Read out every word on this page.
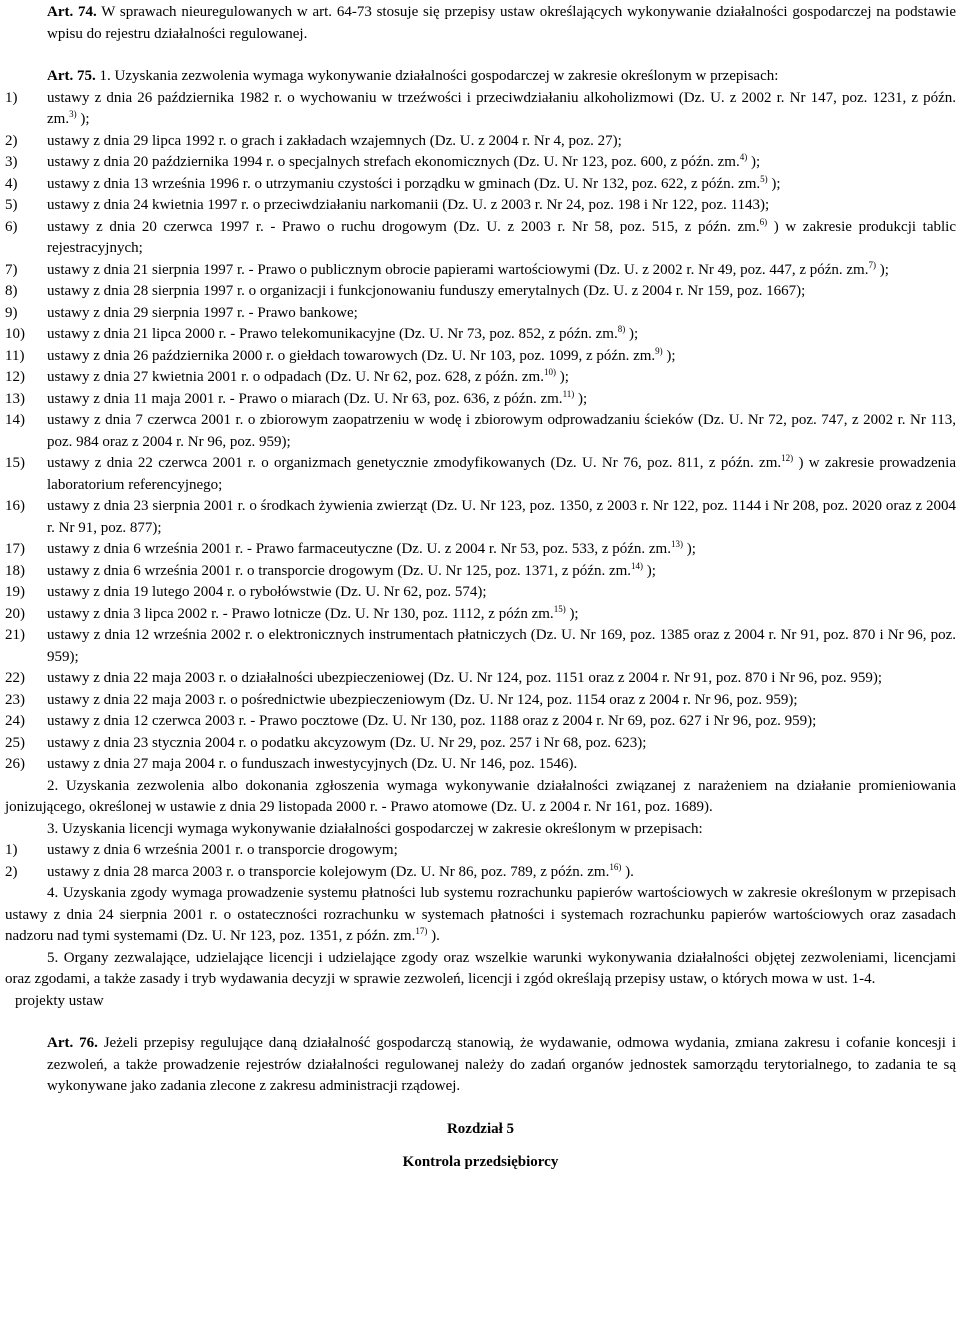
Art. 74. W sprawach nieuregulowanych w art. 64-73 stosuje się przepisy ustaw określających wykonywanie działalności gospodarczej na podstawie wpisu do rejestru działalności regulowanej.

Art. 75. 1. Uzyskania zezwolenia wymaga wykonywanie działalności gospodarczej w zakresie określonym w przepisach:

1)	ustawy z dnia 26 października 1982 r. o wychowaniu w trzeźwości i przeciwdziałaniu alkoholizmowi (Dz. U. z 2002 r. Nr 147, poz. 1231, z późn. zm.$^{3)}$ );
2)	ustawy z dnia 29 lipca 1992 r. o grach i zakładach wzajemnych (Dz. U. z 2004 r. Nr 4, poz. 27);
3)	ustawy z dnia 20 października 1994 r. o specjalnych strefach ekonomicznych (Dz. U. Nr 123, poz. 600, z późn. zm.$^{4)}$ );
4)	ustawy z dnia 13 września 1996 r. o utrzymaniu czystości i porządku w gminach (Dz. U. Nr 132, poz. 622, z późn. zm.$^{5)}$ );
5)	ustawy z dnia 24 kwietnia 1997 r. o przeciwdziałaniu narkomanii (Dz. U. z 2003 r. Nr 24, poz. 198 i Nr 122, poz. 1143);
6)	ustawy z dnia 20 czerwca 1997 r. - Prawo o ruchu drogowym (Dz. U. z 2003 r. Nr 58, poz. 515, z późn. zm.$^{6)}$ ) w zakresie produkcji tablic rejestracyjnych;
7)	ustawy z dnia 21 sierpnia 1997 r. - Prawo o publicznym obrocie papierami wartościowymi (Dz. U. z 2002 r. Nr 49, poz. 447, z późn. zm.$^{7)}$ );
8)	ustawy z dnia 28 sierpnia 1997 r. o organizacji i funkcjonowaniu funduszy emerytalnych (Dz. U. z 2004 r. Nr 159, poz. 1667);
9)	ustawy z dnia 29 sierpnia 1997 r. - Prawo bankowe;
10)	ustawy z dnia 21 lipca 2000 r. - Prawo telekomunikacyjne (Dz. U. Nr 73, poz. 852, z późn. zm.$^{8)}$ );
11)	ustawy z dnia 26 października 2000 r. o giełdach towarowych (Dz. U. Nr 103, poz. 1099, z późn. zm.$^{9)}$ );
12)	ustawy z dnia 27 kwietnia 2001 r. o odpadach (Dz. U. Nr 62, poz. 628, z późn. zm.$^{10)}$ );
13)	ustawy z dnia 11 maja 2001 r. - Prawo o miarach (Dz. U. Nr 63, poz. 636, z późn. zm.$^{11)}$ );
14)	ustawy z dnia 7 czerwca 2001 r. o zbiorowym zaopatrzeniu w wodę i zbiorowym odprowadzaniu ścieków (Dz. U. Nr 72, poz. 747, z 2002 r. Nr 113, poz. 984 oraz z 2004 r. Nr 96, poz. 959);
15)	ustawy z dnia 22 czerwca 2001 r. o organizmach genetycznie zmodyfikowanych (Dz. U. Nr 76, poz. 811, z późn. zm.$^{12)}$ ) w zakresie prowadzenia laboratorium referencyjnego;
16)	ustawy z dnia 23 sierpnia 2001 r. o środkach żywienia zwierząt (Dz. U. Nr 123, poz. 1350, z 2003 r. Nr 122, poz. 1144 i Nr 208, poz. 2020 oraz z 2004 r. Nr 91, poz. 877);
17)	ustawy z dnia 6 września 2001 r. - Prawo farmaceutyczne (Dz. U. z 2004 r. Nr 53, poz. 533, z późn. zm.$^{13)}$ );
18)	ustawy z dnia 6 września 2001 r. o transporcie drogowym (Dz. U. Nr 125, poz. 1371, z późn. zm.$^{14)}$ );
19)	ustawy z dnia 19 lutego 2004 r. o rybołówstwie (Dz. U. Nr 62, poz. 574);
20)	ustawy z dnia 3 lipca 2002 r. - Prawo lotnicze (Dz. U. Nr 130, poz. 1112, z późn zm.$^{15)}$ );
21)	ustawy z dnia 12 września 2002 r. o elektronicznych instrumentach płatniczych (Dz. U. Nr 169, poz. 1385 oraz z 2004 r. Nr 91, poz. 870 i Nr 96, poz. 959);
22)	ustawy z dnia 22 maja 2003 r. o działalności ubezpieczeniowej (Dz. U. Nr 124, poz. 1151 oraz z 2004 r. Nr 91, poz. 870 i Nr 96, poz. 959);
23)	ustawy z dnia 22 maja 2003 r. o pośrednictwie ubezpieczeniowym (Dz. U. Nr 124, poz. 1154 oraz z 2004 r. Nr 96, poz. 959);
24)	ustawy z dnia 12 czerwca 2003 r. - Prawo pocztowe (Dz. U. Nr 130, poz. 1188 oraz z 2004 r. Nr 69, poz. 627 i Nr 96, poz. 959);
25)	ustawy z dnia 23 stycznia 2004 r. o podatku akcyzowym (Dz. U. Nr 29, poz. 257 i Nr 68, poz. 623);
26)	ustawy z dnia 27 maja 2004 r. o funduszach inwestycyjnych (Dz. U. Nr 146, poz. 1546).

2. Uzyskania zezwolenia albo dokonania zgłoszenia wymaga wykonywanie działalności związanej z narażeniem na działanie promieniowania jonizującego, określonej w ustawie z dnia 29 listopada 2000 r. - Prawo atomowe (Dz. U. z 2004 r. Nr 161, poz. 1689).

3. Uzyskania licencji wymaga wykonywanie działalności gospodarczej w zakresie określonym w przepisach:

1)	ustawy z dnia 6 września 2001 r. o transporcie drogowym;
2)	ustawy z dnia 28 marca 2003 r. o transporcie kolejowym (Dz. U. Nr 86, poz. 789, z późn. zm.$^{16)}$ ).

4. Uzyskania zgody wymaga prowadzenie systemu płatności lub systemu rozrachunku papierów wartościowych w zakresie określonym w przepisach ustawy z dnia 24 sierpnia 2001 r. o ostateczności rozrachunku w systemach płatności i systemach rozrachunku papierów wartościowych oraz zasadach nadzoru nad tymi systemami (Dz. U. Nr 123, poz. 1351, z późn. zm.$^{17)}$ ).

5. Organy zezwalające, udzielające licencji i udzielające zgody oraz wszelkie warunki wykonywania działalności objętej zezwoleniami, licencjami oraz zgodami, a także zasady i tryb wydawania decyzji w sprawie zezwoleń, licencji i zgód określają przepisy ustaw, o których mowa w ust. 1-4.

projekty ustaw

Art. 76. Jeżeli przepisy regulujące daną działalność gospodarczą stanowią, że wydawanie, odmowa wydania, zmiana zakresu i cofanie koncesji i zezwoleń, a także prowadzenie rejestrów działalności regulowanej należy do zadań organów jednostek samorządu terytorialnego, to zadania te są wykonywane jako zadania zlecone z zakresu administracji rządowej.

Rozdział 5

Kontrola przedsiębiorcy
